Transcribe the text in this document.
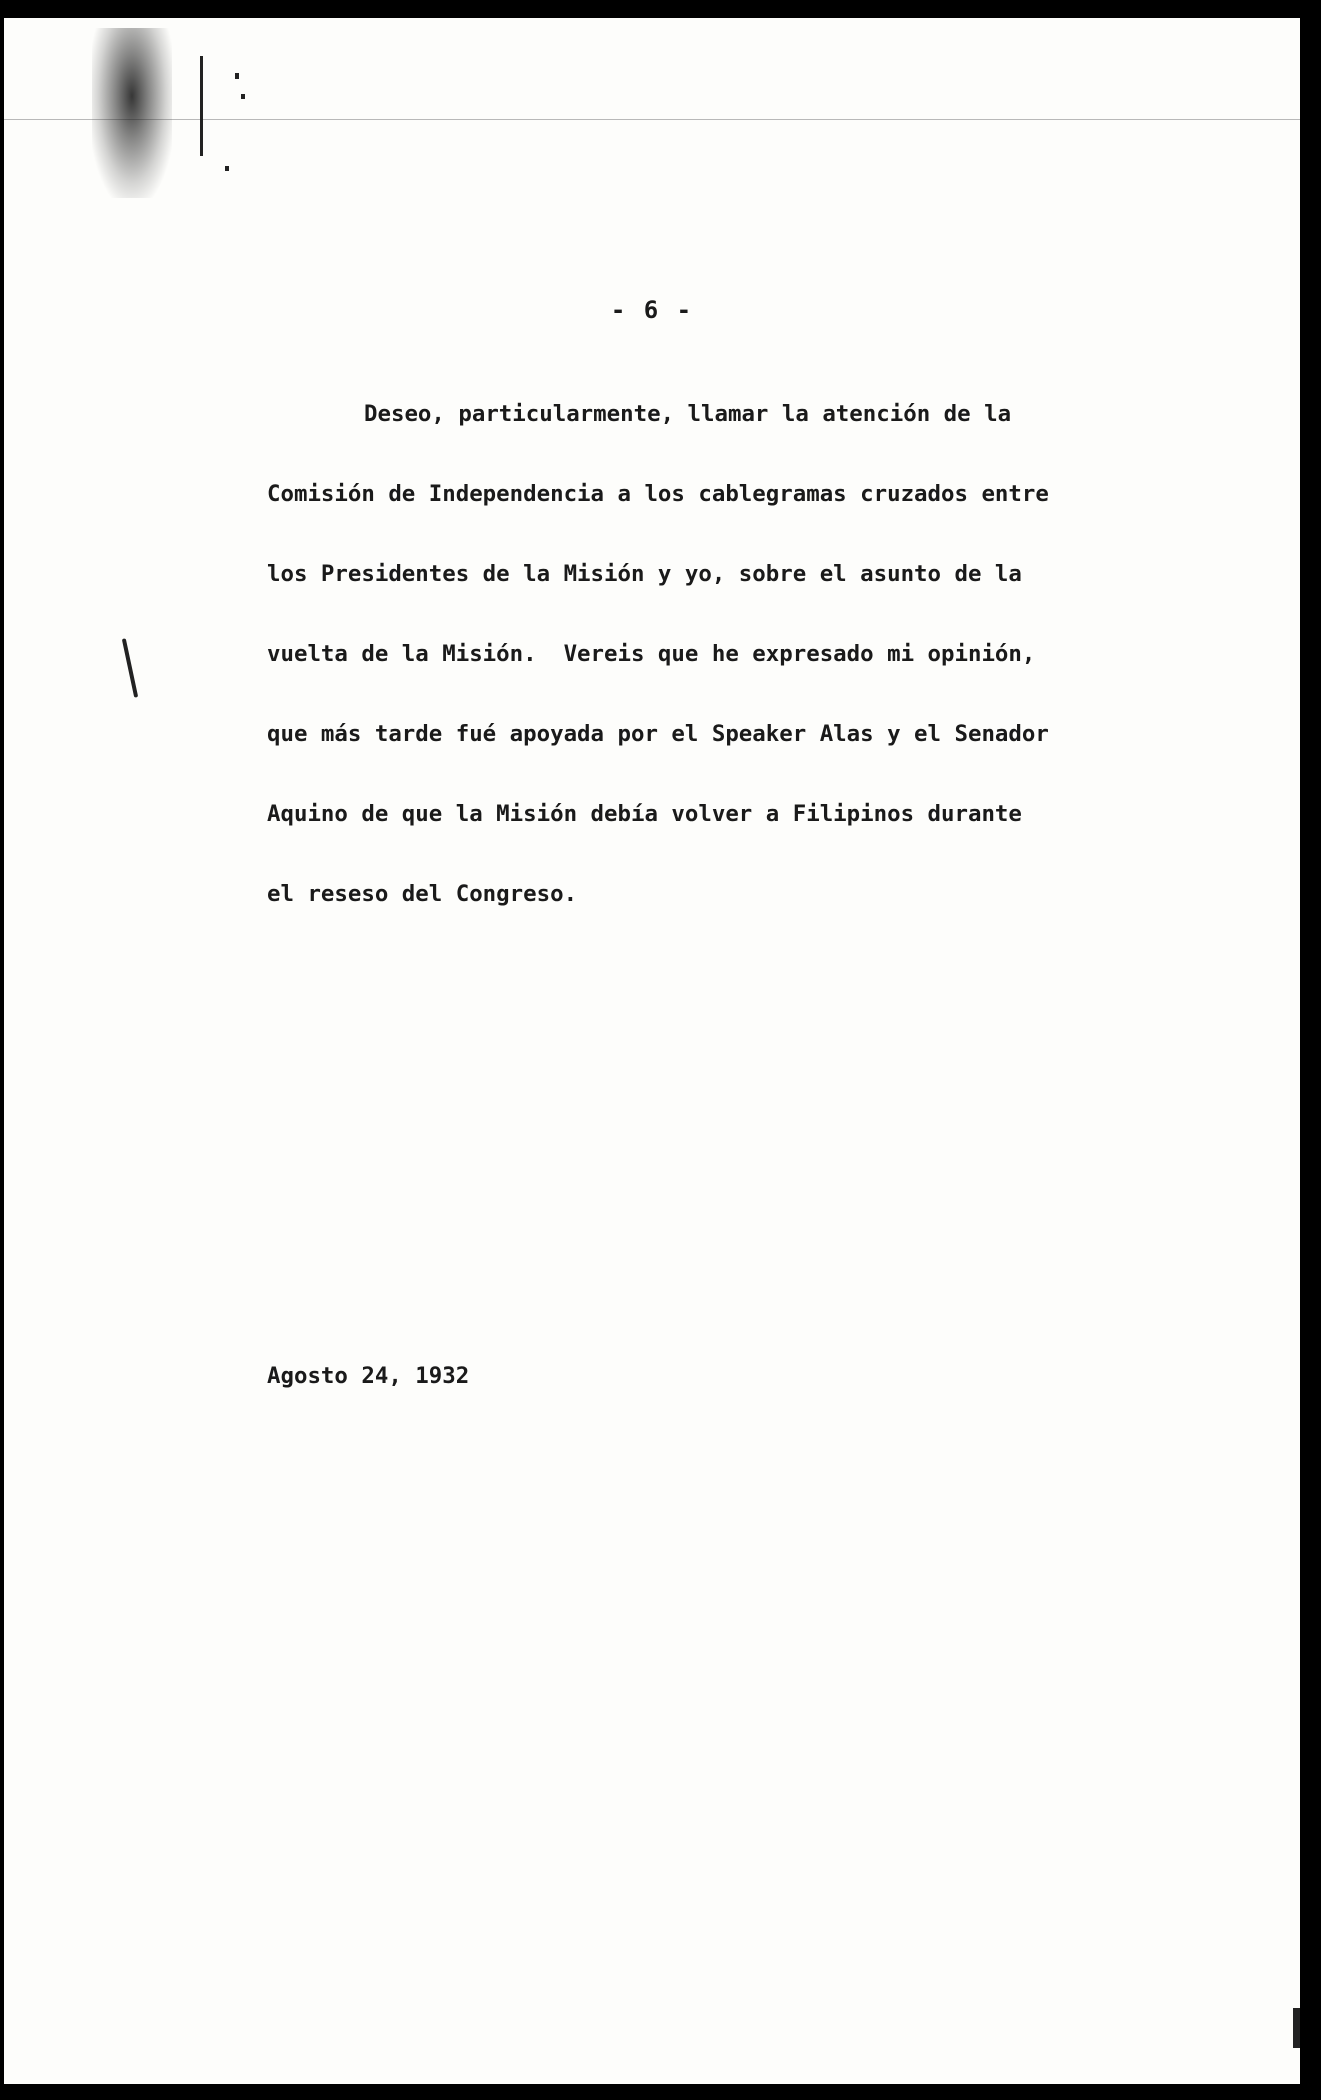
- 6 -

Deseo, particularmente, llamar la atención de la
Comisión de Independencia a los cablegramas cruzados entre
los Presidentes de la Misión y yo, sobre el asunto de la
vuelta de la Misión.  Vereis que he expresado mi opinión,
que más tarde fué apoyada por el Speaker Alas y el Senador
Aquino de que la Misión debía volver a Filipinos durante
el reseso del Congreso.

Agosto 24, 1932
